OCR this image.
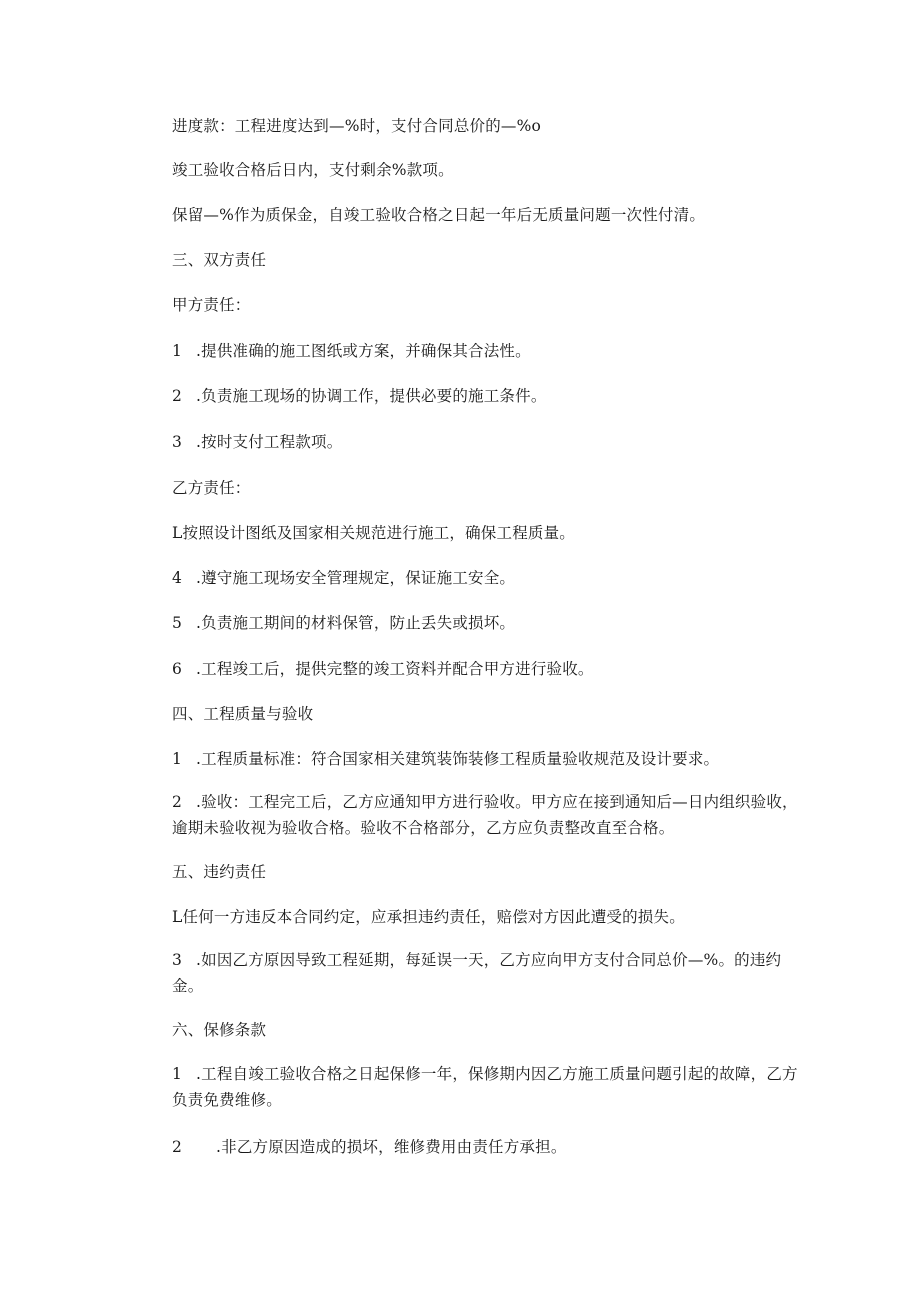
进度款：工程进度达到—%时，支付合同总价的—%o
竣工验收合格后日内，支付剩余%款项。
保留—%作为质保金，自竣工验收合格之日起一年后无质量问题一次性付清。
三、双方责任
甲方责任：
1 .提供准确的施工图纸或方案，并确保其合法性。
2 .负责施工现场的协调工作，提供必要的施工条件。
3 .按时支付工程款项。
乙方责任：
L按照设计图纸及国家相关规范进行施工，确保工程质量。
4 .遵守施工现场安全管理规定，保证施工安全。
5 .负责施工期间的材料保管，防止丢失或损坏。
6 .工程竣工后，提供完整的竣工资料并配合甲方进行验收。
四、工程质量与验收
1 .工程质量标准：符合国家相关建筑装饰装修工程质量验收规范及设计要求。
2 .验收：工程完工后，乙方应通知甲方进行验收。甲方应在接到通知后—日内组织验收，逾期未验收视为验收合格。验收不合格部分，乙方应负责整改直至合格。
五、违约责任
L任何一方违反本合同约定，应承担违约责任，赔偿对方因此遭受的损失。
3 .如因乙方原因导致工程延期，每延误一天，乙方应向甲方支付合同总价—%。的违约金。
六、保修条款
1 .工程自竣工验收合格之日起保修一年，保修期内因乙方施工质量问题引起的故障，乙方负责免费维修。
2 .非乙方原因造成的损坏，维修费用由责任方承担。
